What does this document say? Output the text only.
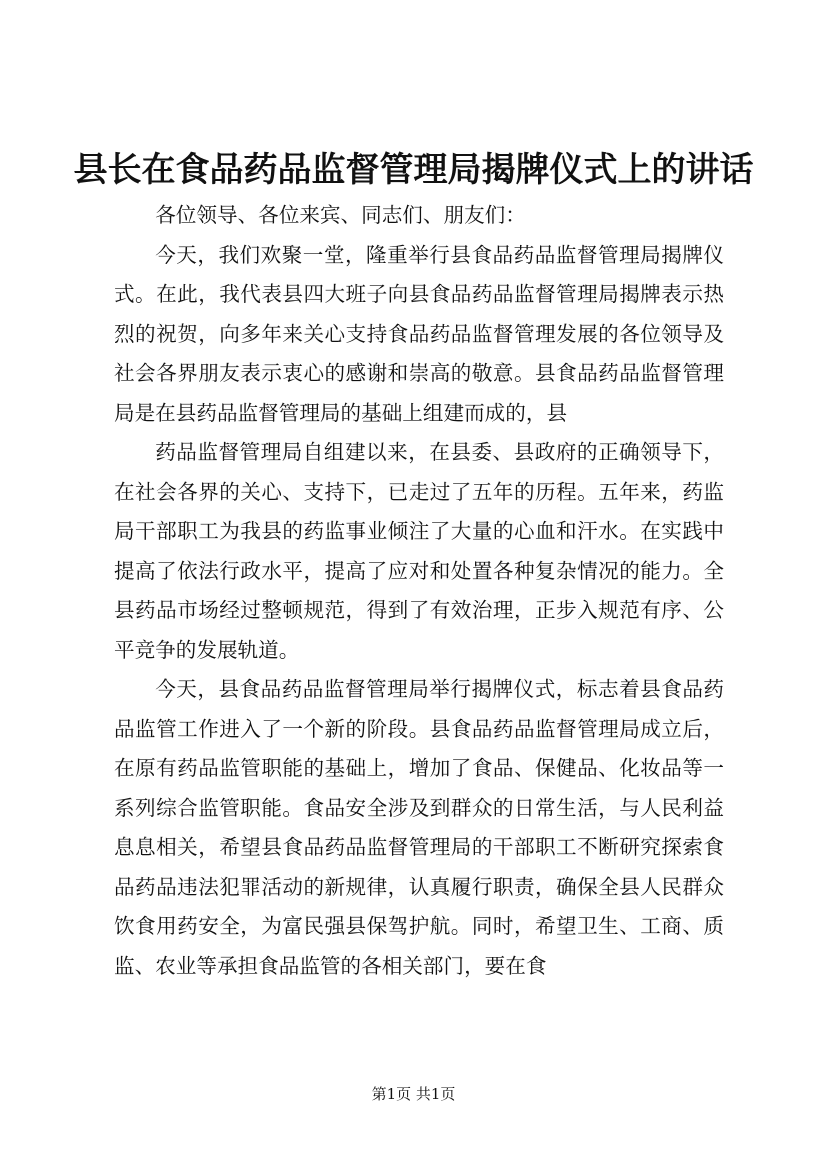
县长在食品药品监督管理局揭牌仪式上的讲话

各位领导、各位来宾、同志们、朋友们：

今天，我们欢聚一堂，隆重举行县食品药品监督管理局揭牌仪式。在此，我代表县四大班子向县食品药品监督管理局揭牌表示热烈的祝贺，向多年来关心支持食品药品监督管理发展的各位领导及社会各界朋友表示衷心的感谢和崇高的敬意。县食品药品监督管理局是在县药品监督管理局的基础上组建而成的，县

药品监督管理局自组建以来，在县委、县政府的正确领导下，在社会各界的关心、支持下，已走过了五年的历程。五年来，药监局干部职工为我县的药监事业倾注了大量的心血和汗水。在实践中提高了依法行政水平，提高了应对和处置各种复杂情况的能力。全县药品市场经过整顿规范，得到了有效治理，正步入规范有序、公平竞争的发展轨道。

今天，县食品药品监督管理局举行揭牌仪式，标志着县食品药品监管工作进入了一个新的阶段。县食品药品监督管理局成立后，在原有药品监管职能的基础上，增加了食品、保健品、化妆品等一系列综合监管职能。食品安全涉及到群众的日常生活，与人民利益息息相关，希望县食品药品监督管理局的干部职工不断研究探索食品药品违法犯罪活动的新规律，认真履行职责，确保全县人民群众饮食用药安全，为富民强县保驾护航。同时，希望卫生、工商、质监、农业等承担食品监管的各相关部门，要在食

第1页 共1页
